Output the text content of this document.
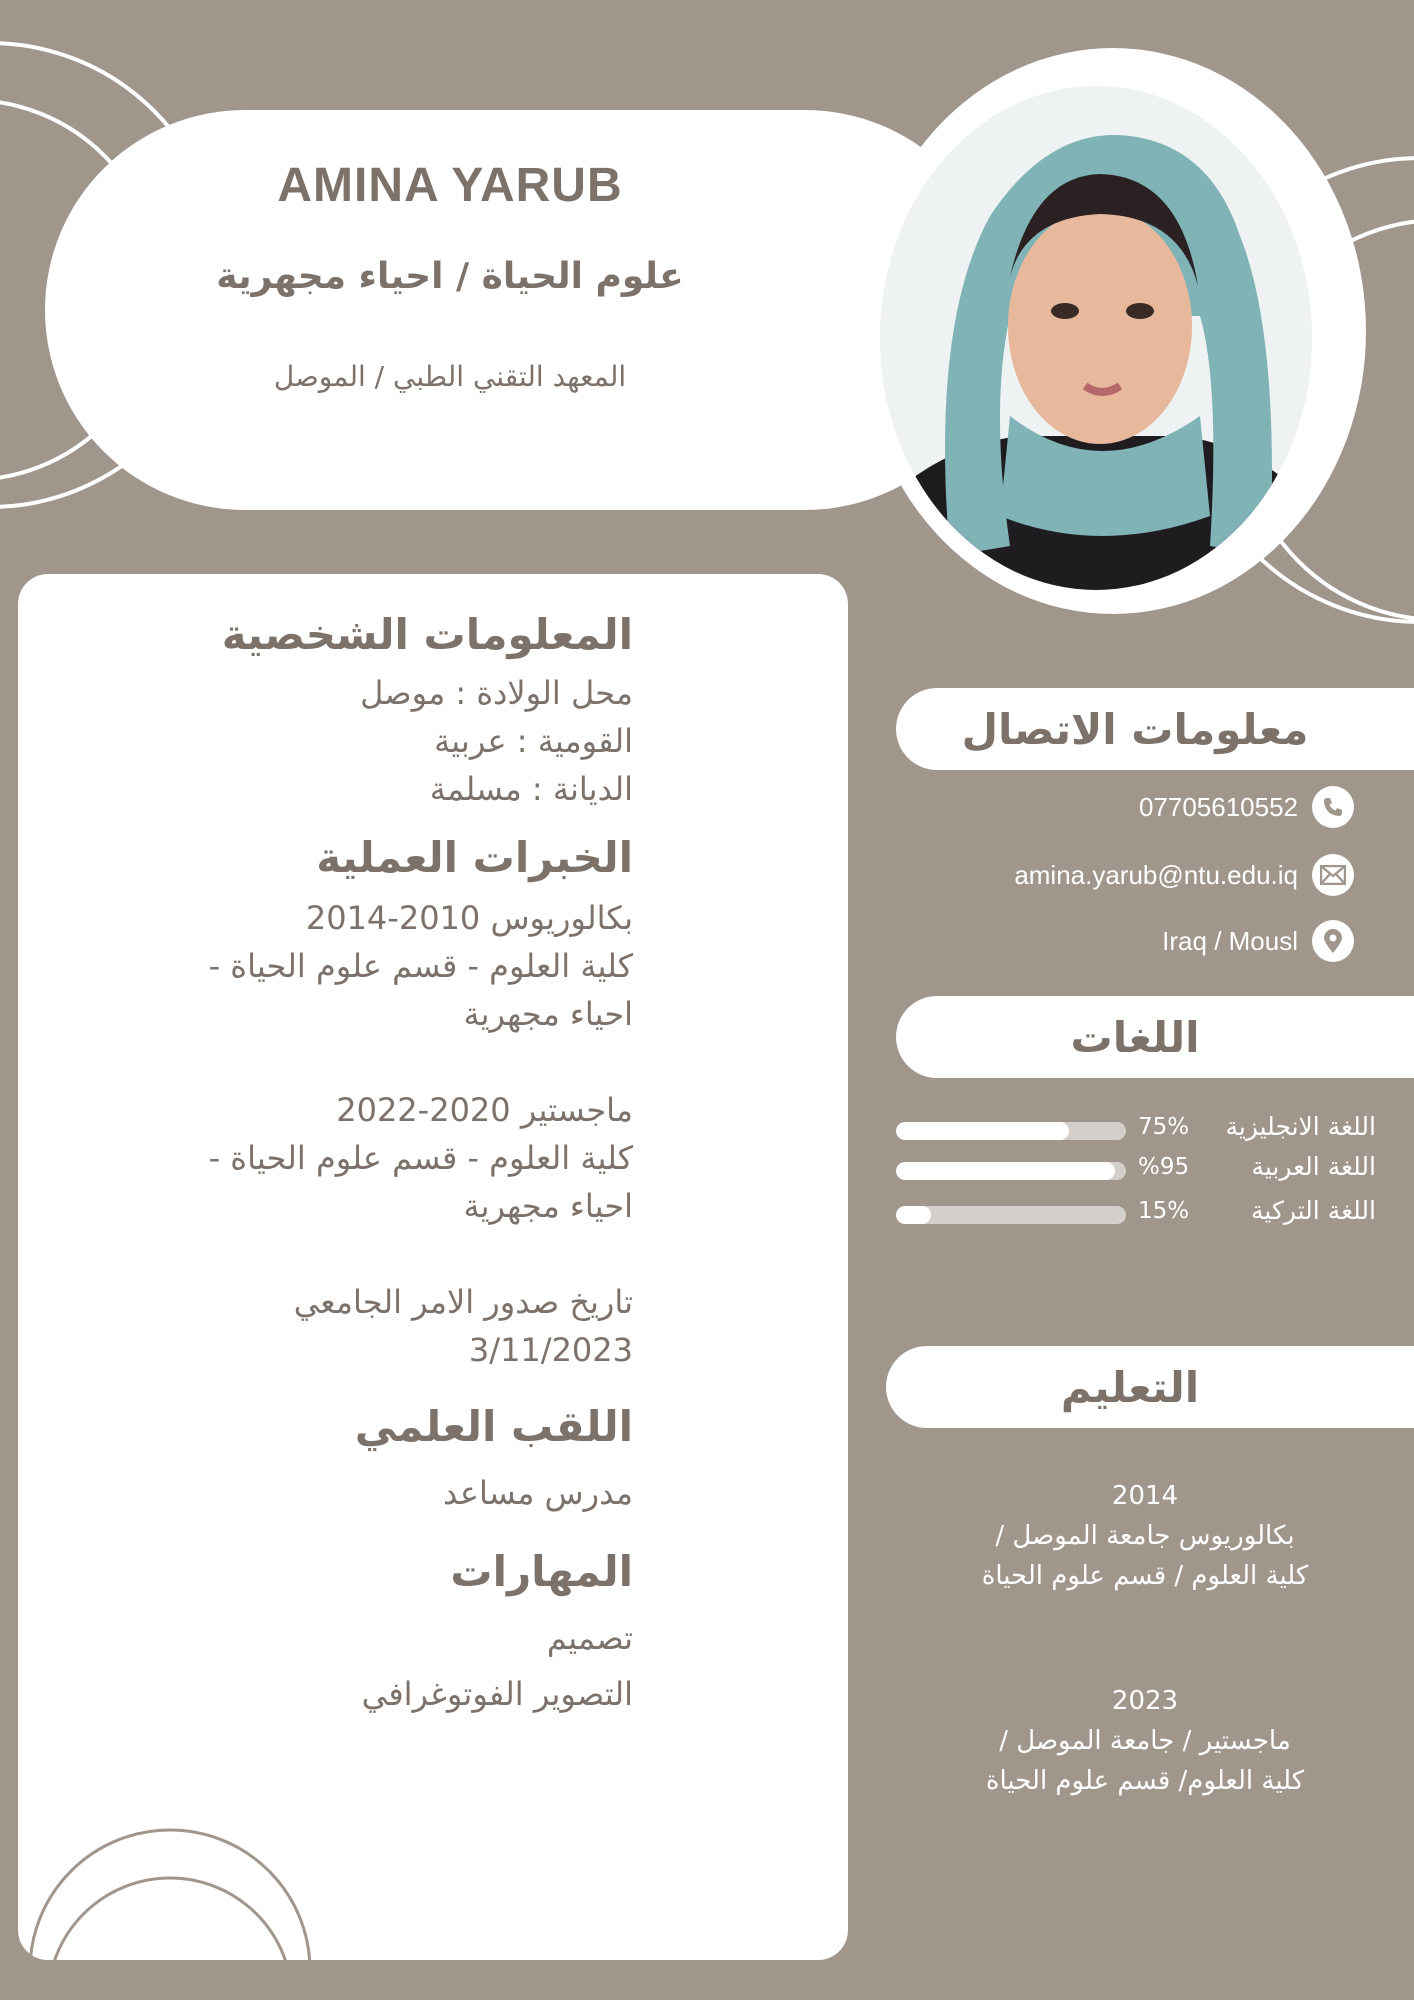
AMINA YARUB
علوم الحياة / احياء مجهرية
المعهد التقني الطبي / الموصل
المعلومات الشخصية

محل الولادة : موصل

القومية : عربية

الديانة : مسلمة

الخبرات العملية

بكالوريوس 2010-2014

كلية العلوم - قسم علوم الحياة -

احياء مجهرية

ماجستير 2020-2022

كلية العلوم - قسم علوم الحياة -

احياء مجهرية

تاريخ صدور الامر الجامعي

3/11/2023

اللقب العلمي

مدرس مساعد

المهارات

تصميم

التصوير الفوتوغرافي

معلومات الاتصال
07705610552
amina.yarub@ntu.edu.iq
Iraq / Mousl
اللغات
75% اللغة الانجليزية
%95 اللغة العربية
15% اللغة التركية
التعليم
2014
بكالوريوس جامعة الموصل /
كلية العلوم / قسم علوم الحياة
2023
ماجستير / جامعة الموصل /
كلية العلوم/ قسم علوم الحياة
